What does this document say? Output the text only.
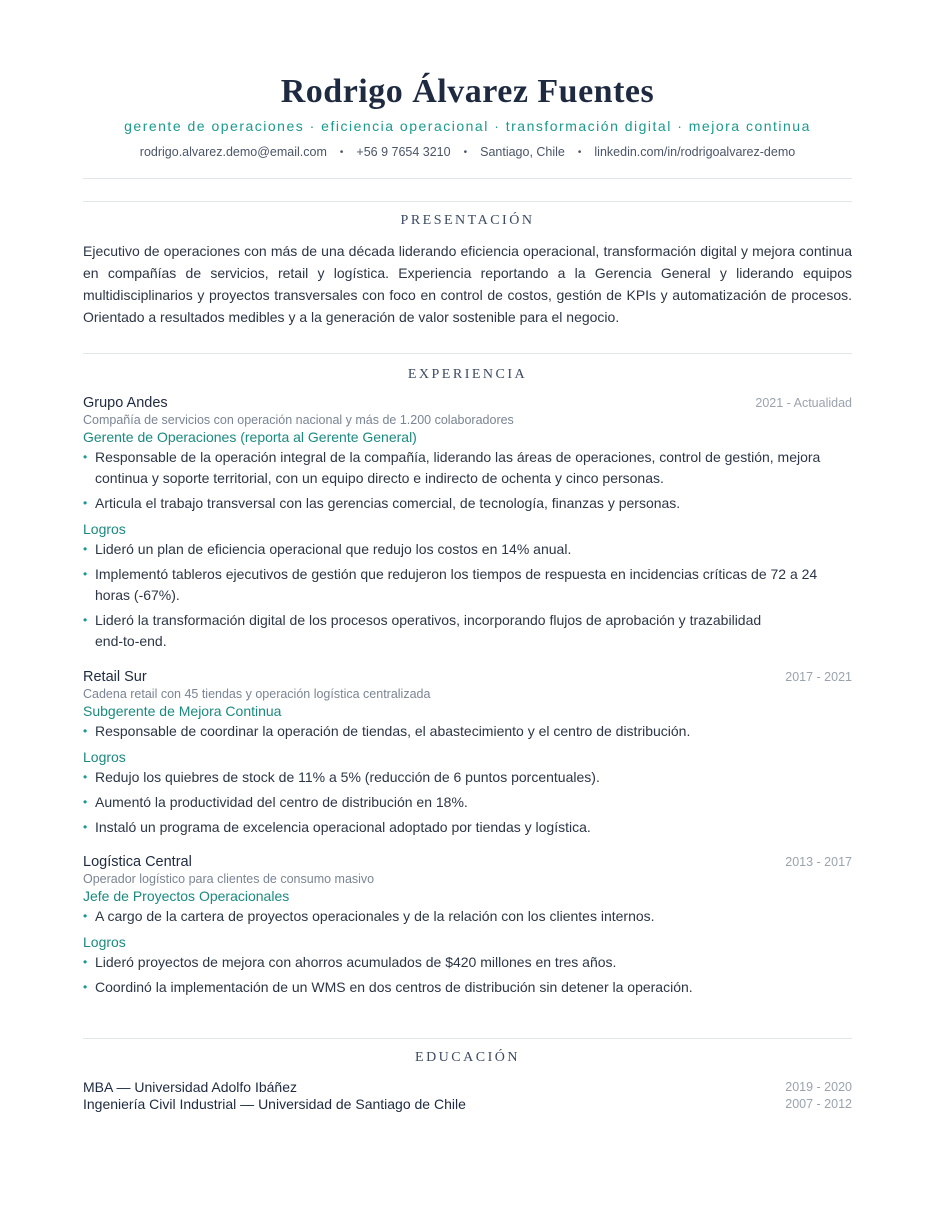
Rodrigo Álvarez Fuentes
gerente de operaciones · eficiencia operacional · transformación digital · mejora continua
rodrigo.alvarez.demo@email.com • +56 9 7654 3210 • Santiago, Chile • linkedin.com/in/rodrigoalvarez-demo
PRESENTACIÓN

Ejecutivo de operaciones con más de una década liderando eficiencia operacional, transformación digital y mejora continua en compañías de servicios, retail y logística. Experiencia reportando a la Gerencia General y liderando equipos multidisciplinarios y proyectos transversales con foco en control de costos, gestión de KPIs y automatización de procesos. Orientado a resultados medibles y a la generación de valor sostenible para el negocio.

EXPERIENCIA
Grupo Andes	2021 - Actualidad
Compañía de servicios con operación nacional y más de 1.200 colaboradores
Gerente de Operaciones (reporta al Gerente General)
• Responsable de la operación integral de la compañía, liderando las áreas de operaciones, control de gestión, mejora continua y soporte territorial, con un equipo directo e indirecto de ochenta y cinco personas.
• Articula el trabajo transversal con las gerencias comercial, de tecnología, finanzas y personas.
Logros
• Lideró un plan de eficiencia operacional que redujo los costos en 14% anual.
• Implementó tableros ejecutivos de gestión que redujeron los tiempos de respuesta en incidencias críticas de 72 a 24 horas (-67%).
• Lideró la transformación digital de los procesos operativos, incorporando flujos de aprobación y trazabilidad end-to-end.
Retail Sur	2017 - 2021
Cadena retail con 45 tiendas y operación logística centralizada
Subgerente de Mejora Continua
• Responsable de coordinar la operación de tiendas, el abastecimiento y el centro de distribución.
Logros
• Redujo los quiebres de stock de 11% a 5% (reducción de 6 puntos porcentuales).
• Aumentó la productividad del centro de distribución en 18%.
• Instaló un programa de excelencia operacional adoptado por tiendas y logística.
Logística Central	2013 - 2017
Operador logístico para clientes de consumo masivo
Jefe de Proyectos Operacionales
• A cargo de la cartera de proyectos operacionales y de la relación con los clientes internos.
Logros
• Lideró proyectos de mejora con ahorros acumulados de $420 millones en tres años.
• Coordinó la implementación de un WMS en dos centros de distribución sin detener la operación.
EDUCACIÓN
MBA — Universidad Adolfo Ibáñez	2019 - 2020
Ingeniería Civil Industrial — Universidad de Santiago de Chile	2007 - 2012
